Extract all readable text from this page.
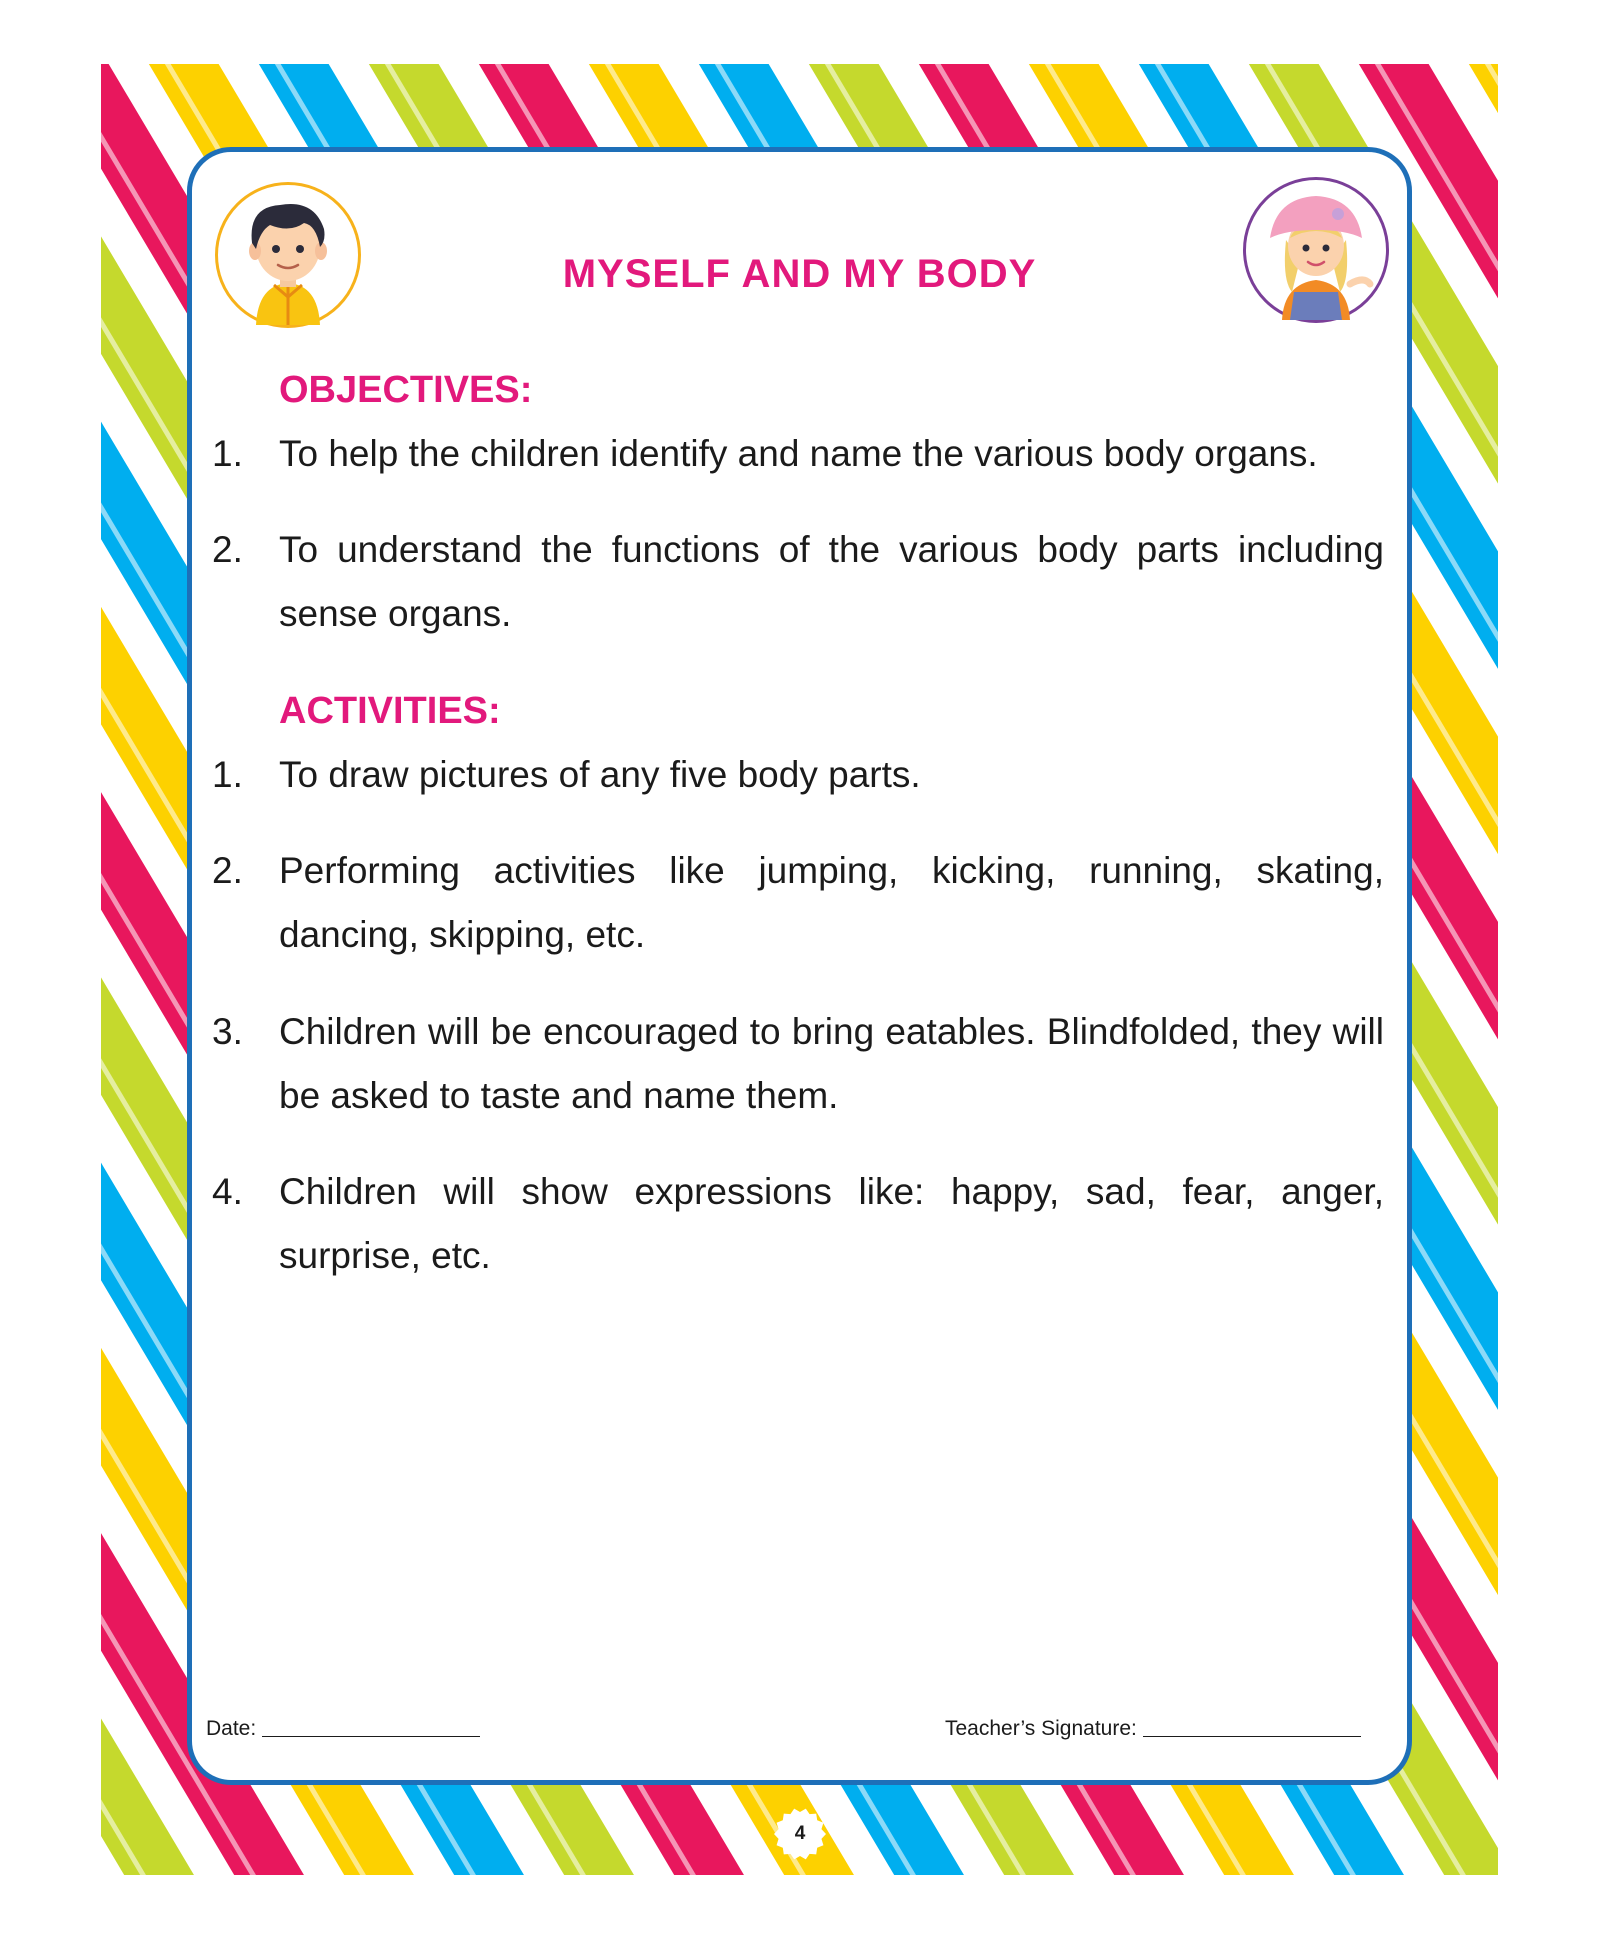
MYSELF AND MY BODY
OBJECTIVES:
1. To help the children identify and name the various body organs.
2. To understand the functions of the various body parts including sense organs.
ACTIVITIES:
1. To draw pictures of any five body parts.
2. Performing activities like jumping, kicking, running, skating, dancing, skipping, etc.
3. Children will be encouraged to bring eatables. Blindfolded, they will be asked to taste and name them.
4. Children will show expressions like: happy, sad, fear, anger, surprise, etc.
Date:	Teacher’s Signature:
4
